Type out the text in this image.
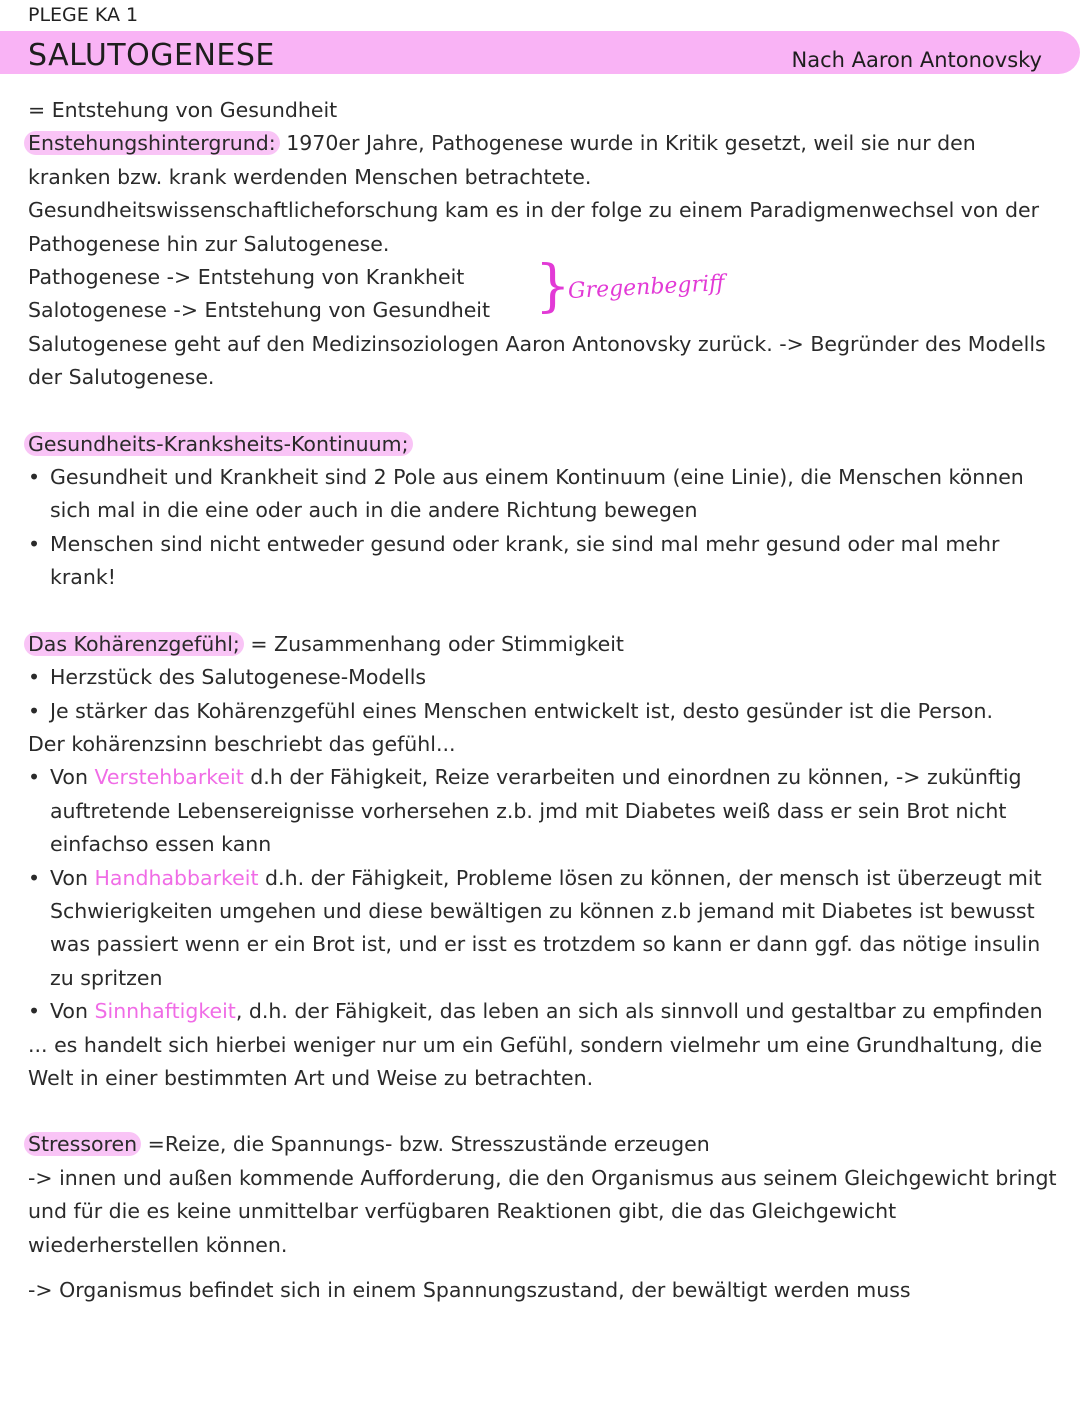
PLEGE KA 1
SALUTOGENESE	Nach Aaron Antonovsky

= Entstehung von Gesundheit

Enstehungshintergrund: 1970er Jahre, Pathogenese wurde in Kritik gesetzt, weil sie nur den kranken bzw. krank werdenden Menschen betrachtete.

Gesundheitswissenschaftlicheforschung kam es in der folge zu einem Paradigmenwechsel von der Pathogenese hin zur Salutogenese.

Pathogenese -> Entstehung von Krankheit

Salotogenese -> Entstehung von Gesundheit }
Gregenbegriff

Salutogenese geht auf den Medizinsoziologen Aaron Antonovsky zurück. -> Begründer des Modells der Salutogenese.

Gesundheits-Kranksheits-Kontinuum;

• Gesundheit und Krankheit sind 2 Pole aus einem Kontinuum (eine Linie), die Menschen können sich mal in die eine oder auch in die andere Richtung bewegen
• Menschen sind nicht entweder gesund oder krank, sie sind mal mehr gesund oder mal mehr krank!

Das Kohärenzgefühl; = Zusammenhang oder Stimmigkeit

• Herzstück des Salutogenese-Modells
• Je stärker das Kohärenzgefühl eines Menschen entwickelt ist, desto gesünder ist die Person.

Der kohärenzsinn beschriebt das gefühl...

• Von Verstehbarkeit d.h der Fähigkeit, Reize verarbeiten und einordnen zu können, -> zukünftig auftretende Lebensereignisse vorhersehen z.b. jmd mit Diabetes weiß dass er sein Brot nicht einfachso essen kann
• Von Handhabbarkeit d.h. der Fähigkeit, Probleme lösen zu können, der mensch ist überzeugt mit Schwierigkeiten umgehen und diese bewältigen zu können z.b jemand mit Diabetes ist bewusst was passiert wenn er ein Brot ist, und er isst es trotzdem so kann er dann ggf. das nötige insulin zu spritzen
• Von Sinnhaftigkeit, d.h. der Fähigkeit, das leben an sich als sinnvoll und gestaltbar zu empfinden

... es handelt sich hierbei weniger nur um ein Gefühl, sondern vielmehr um eine Grundhaltung, die Welt in einer bestimmten Art und Weise zu betrachten.

Stressoren =Reize, die Spannungs- bzw. Stresszustände erzeugen

-> innen und außen kommende Aufforderung, die den Organismus aus seinem Gleichgewicht bringt und für die es keine unmittelbar verfügbaren Reaktionen gibt, die das Gleichgewicht wiederherstellen können.

-> Organismus befindet sich in einem Spannungszustand, der bewältigt werden muss
